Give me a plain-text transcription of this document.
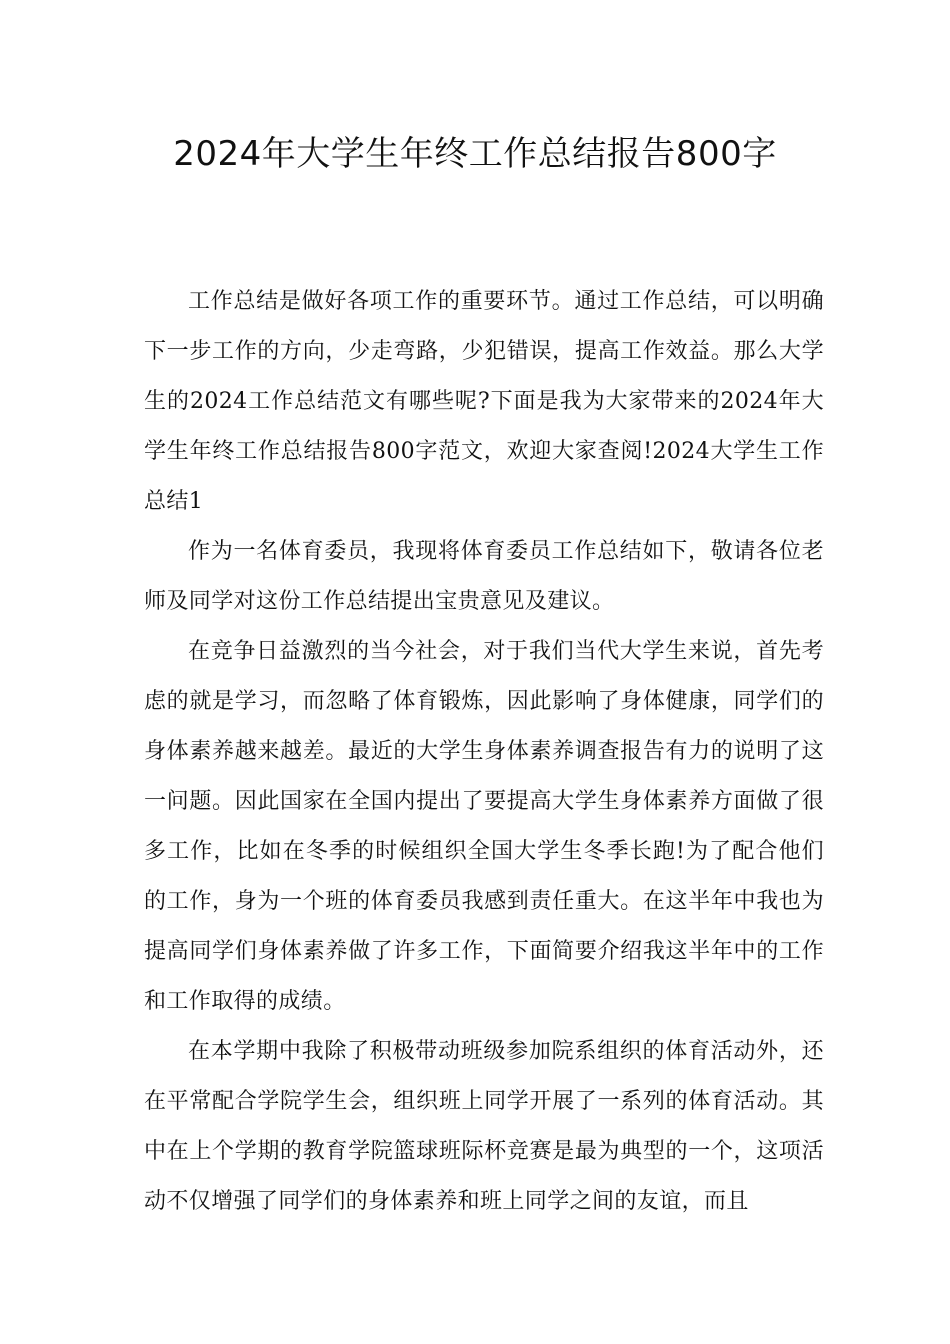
2024年大学生年终工作总结报告800字

工作总结是做好各项工作的重要环节。通过工作总结，可以明确下一步工作的方向，少走弯路，少犯错误，提高工作效益。那么大学生的2024工作总结范文有哪些呢?下面是我为大家带来的2024年大学生年终工作总结报告800字范文，欢迎大家查阅!2024大学生工作总结1

作为一名体育委员，我现将体育委员工作总结如下，敬请各位老师及同学对这份工作总结提出宝贵意见及建议。

在竞争日益激烈的当今社会，对于我们当代大学生来说，首先考虑的就是学习，而忽略了体育锻炼，因此影响了身体健康，同学们的身体素养越来越差。最近的大学生身体素养调查报告有力的说明了这一问题。因此国家在全国内提出了要提高大学生身体素养方面做了很多工作，比如在冬季的时候组织全国大学生冬季长跑!为了配合他们的工作，身为一个班的体育委员我感到责任重大。在这半年中我也为提高同学们身体素养做了许多工作，下面简要介绍我这半年中的工作和工作取得的成绩。

在本学期中我除了积极带动班级参加院系组织的体育活动外，还在平常配合学院学生会，组织班上同学开展了一系列的体育活动。其中在上个学期的教育学院篮球班际杯竞赛是最为典型的一个，这项活动不仅增强了同学们的身体素养和班上同学之间的友谊，而且
